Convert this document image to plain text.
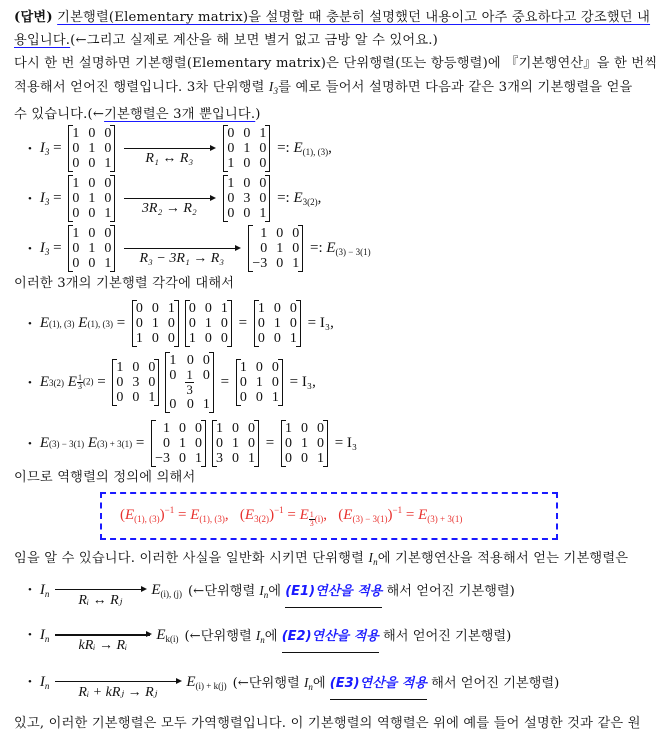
(답변) 기본행렬(Elementary matrix)을 설명할 때 충분히 설명했던 내용이고 아주 중요하다고 강조했던 내
용입니다.(←그리고 실제로 계산을 해 보면 별거 없고 금방 알 수 있어요.)
다시 한 번 설명하면 기본행렬(Elementary matrix)은 단위행렬(또는 항등행렬)에 『기본행연산』을 한 번씩
적용해서 얻어진 행렬입니다. 3차 단위행렬 $I_3$를 예로 들어서 설명하면 다음과 같은 3개의 기본행렬을 얻을
수 있습니다.(←기본행렬은 3개 뿐입니다.)
• $I_3$ =
1 0 0
0 1 0
0 0 1 R₁ ↔ R₃
0 0 1
0 1 0
1 0 0
=: $E_{(1), (3)}$,
• $I_3$ =
1 0 0
0 1 0
0 0 1 3R₂ → R₂
1 0 0
0 3 0
0 0 1
=: $E_{3(2)}$,
• $I_3$ =
1 0 0
0 1 0
0 0 1 R₃ − 3R₁ → R₃
1 0 0
0 1 0
−3 0 1
=: $E_{(3) - 3(1)}$
이러한 3개의 기본행렬 각각에 대해서
• E (1), (3) E (1), (3) =
0 0 1
0 1 0
1 0 0
0 0 1
0 1 0
1 0 0
=
1 0 0
0 1 0
0 0 1
= I₃,
• E 3(2) E $\frac{1}{3} (2)$ =
1 0 0
0 3 0
0 0 1
1 0 0
$0 \frac{1}{3} 0$
0 0 1
=
1 0 0
0 1 0
0 0 1
= I₃,
• E (3) − 3(1) E (3) + 3(1) =
1 0 0
0 1 0
−3 0 1
1 0 0
0 1 0
3 0 1
=
1 0 0
0 1 0
0 0 1
= I₃
이므로 역행렬의 정의에 의해서
$(E_{(1), (3)})^{-1} = E_{(1), (3)}$,   $(E_{3(2)})^{-1} = E$ $_{\frac{1}{3} (i)}$,   $(E_{(3) - 3(1)})^{-1} = E_{(3) + 3(1)}$
임을 알 수 있습니다. 이러한 사실을 일반화 시키면 단위행렬 $I_n$에 기본행연산을 적용해서 얻는 기본행렬은
• $I_n$ Rᵢ ↔ Rⱼ
$E_{(i), (j)}$ (←단위행렬 $I_n$에 (E1)연산을 적용 해서 얻어진 기본행렬)
• $I_n$ kRᵢ → Rᵢ
$E_{k(i)}$ (←단위행렬 $I_n$에 (E2)연산을 적용 해서 얻어진 기본행렬)
• $I_n$ Rᵢ + kRⱼ → Rⱼ
$E_{(i) + k(j)}$ (←단위행렬 $I_n$에 (E3)연산을 적용 해서 얻어진 기본행렬)
있고, 이러한 기본행렬은 모두 가역행렬입니다. 이 기본행렬의 역행렬은 위에 예를 들어 설명한 것과 같은 원
